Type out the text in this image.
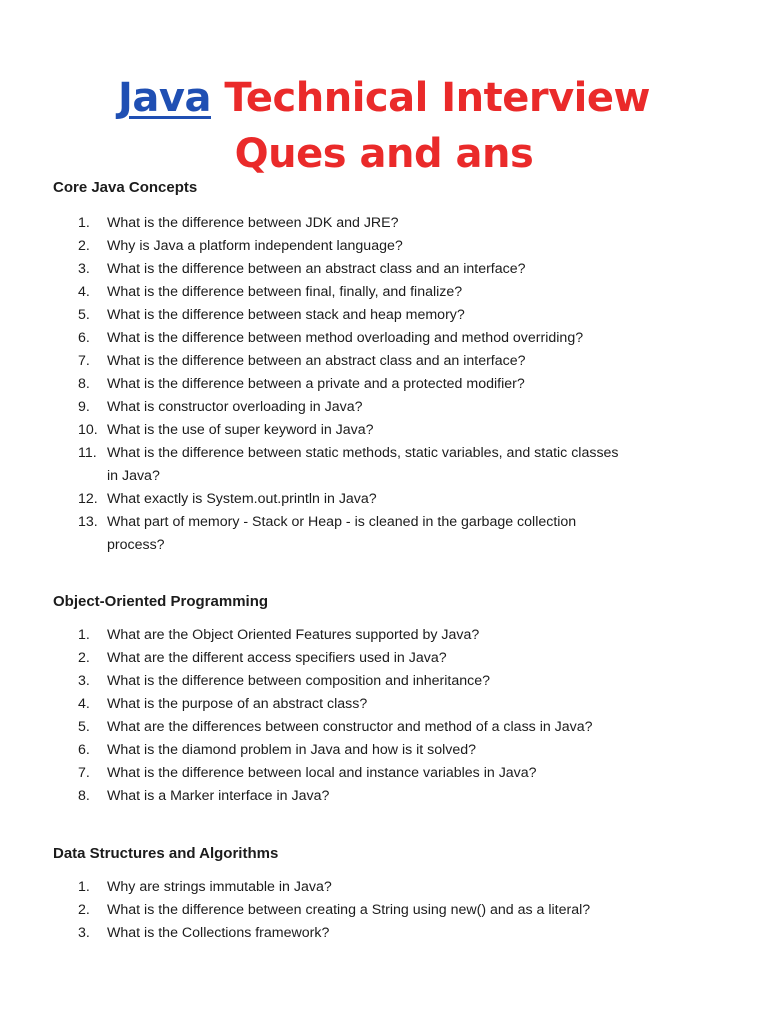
Java Technical Interview
Ques and ans
Core Java Concepts
1. What is the difference between JDK and JRE?
2. Why is Java a platform independent language?
3. What is the difference between an abstract class and an interface?
4. What is the difference between final, finally, and finalize?
5. What is the difference between stack and heap memory?
6. What is the difference between method overloading and method overriding?
7. What is the difference between an abstract class and an interface?
8. What is the difference between a private and a protected modifier?
9. What is constructor overloading in Java?
10. What is the use of super keyword in Java?
11. What is the difference between static methods, static variables, and static classes
in Java?
12. What exactly is System.out.println in Java?
13. What part of memory - Stack or Heap - is cleaned in the garbage collection
process?
Object-Oriented Programming
1. What are the Object Oriented Features supported by Java?
2. What are the different access specifiers used in Java?
3. What is the difference between composition and inheritance?
4. What is the purpose of an abstract class?
5. What are the differences between constructor and method of a class in Java?
6. What is the diamond problem in Java and how is it solved?
7. What is the difference between local and instance variables in Java?
8. What is a Marker interface in Java?
Data Structures and Algorithms
1. Why are strings immutable in Java?
2. What is the difference between creating a String using new() and as a literal?
3. What is the Collections framework?
